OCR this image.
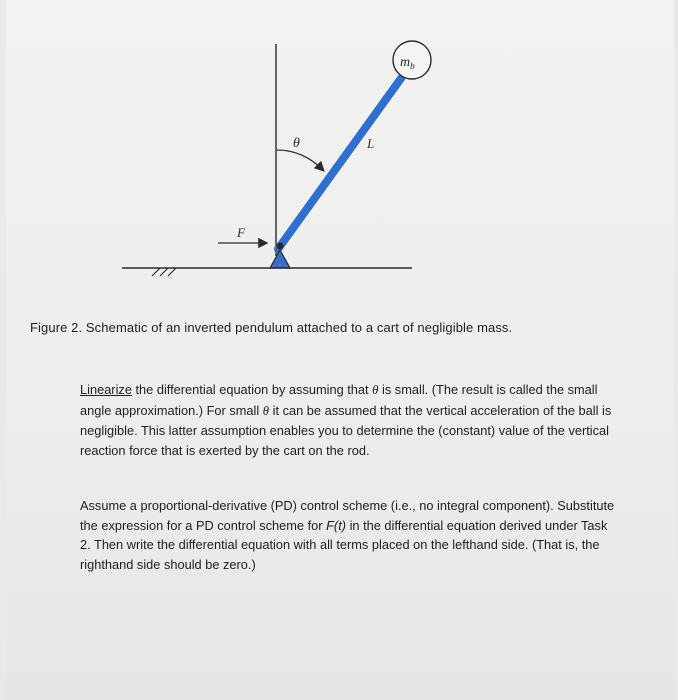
$m_b$
θ	L
F
Figure 2. Schematic of an inverted pendulum attached to a cart of negligible mass.
Linearize the differential equation by assuming that θ is small. (The result is called the small angle approximation.) For small θ it can be assumed that the vertical acceleration of the ball is negligible. This latter assumption enables you to determine the (constant) value of the vertical reaction force that is exerted by the cart on the rod.
Assume a proportional-derivative (PD) control scheme (i.e., no integral component). Substitute the expression for a PD control scheme for F(t) in the differential equation derived under Task 2. Then write the differential equation with all terms placed on the lefthand side. (That is, the righthand side should be zero.)
